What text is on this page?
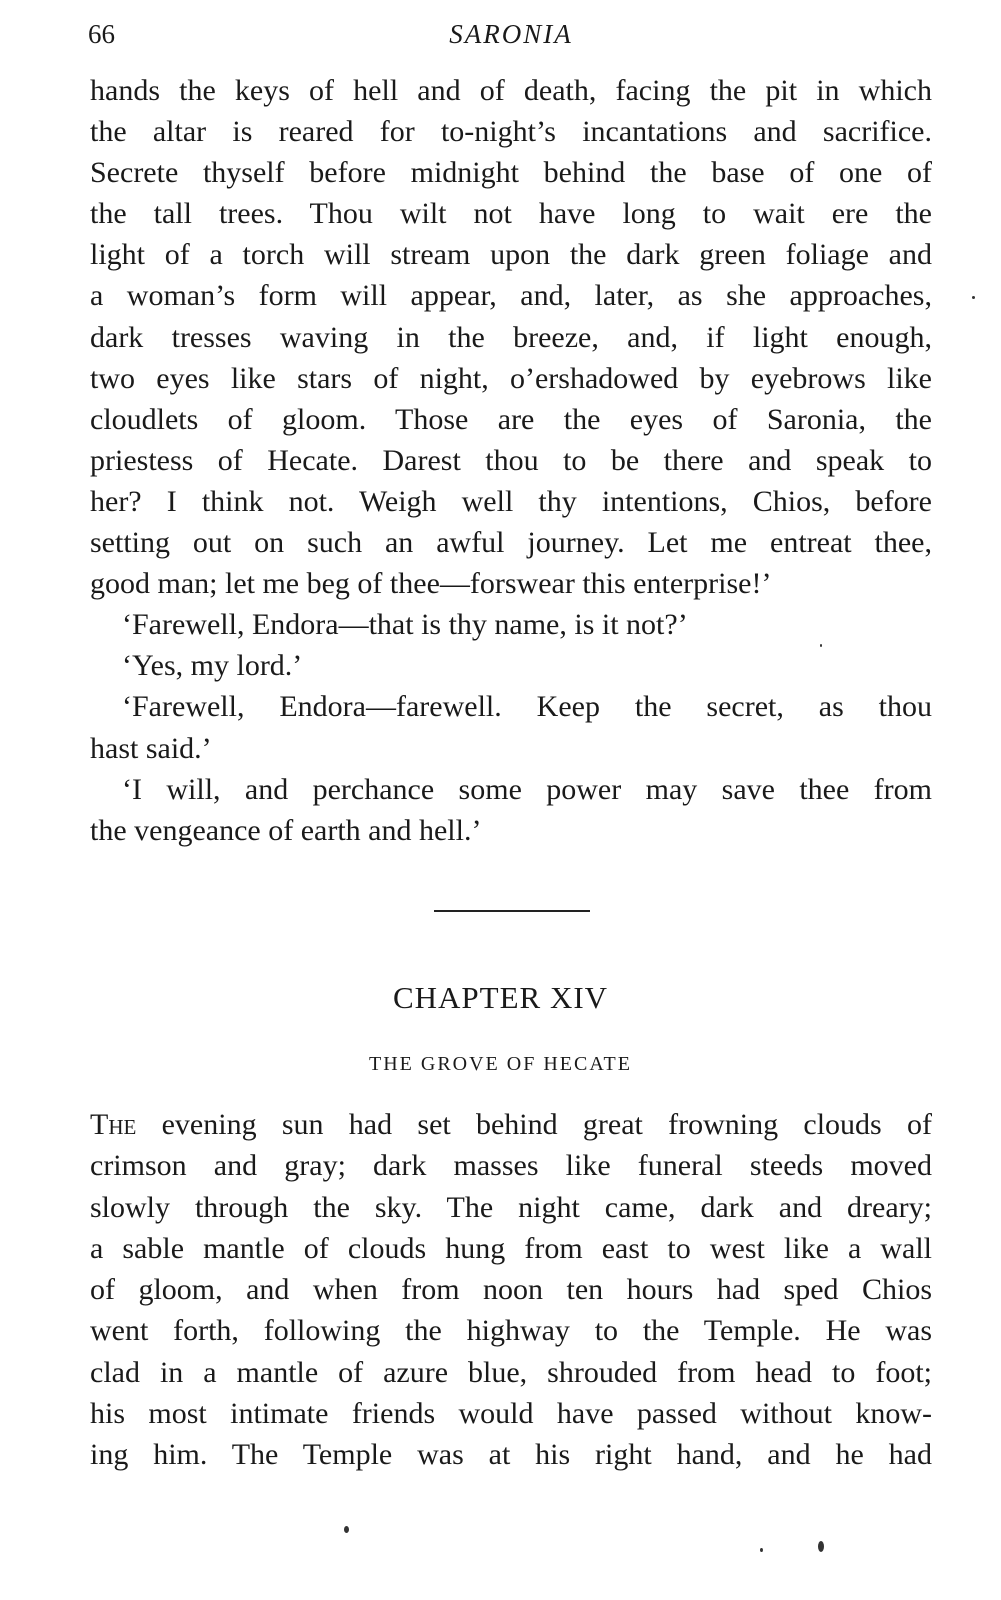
66	SARONIA
hands the keys of hell and of death, facing the pit in which
the altar is reared for to-night’s incantations and sacrifice.
Secrete thyself before midnight behind the base of one of
the tall trees. Thou wilt not have long to wait ere the
light of a torch will stream upon the dark green foliage and
a woman’s form will appear, and, later, as she approaches,
dark tresses waving in the breeze, and, if light enough,
two eyes like stars of night, o’ershadowed by eyebrows like
cloudlets of gloom. Those are the eyes of Saronia, the
priestess of Hecate. Darest thou to be there and speak to
her? I think not. Weigh well thy intentions, Chios, before
setting out on such an awful journey. Let me entreat thee,
good man; let me beg of thee—forswear this enterprise!’
‘Farewell, Endora—that is thy name, is it not?’
‘Yes, my lord.’
‘Farewell, Endora—farewell. Keep the secret, as thou
hast said.’
‘I will, and perchance some power may save thee from
the vengeance of earth and hell.’
CHAPTER XIV
THE GROVE OF HECATE
The evening sun had set behind great frowning clouds of
crimson and gray; dark masses like funeral steeds moved
slowly through the sky. The night came, dark and dreary;
a sable mantle of clouds hung from east to west like a wall
of gloom, and when from noon ten hours had sped Chios
went forth, following the highway to the Temple. He was
clad in a mantle of azure blue, shrouded from head to foot;
his most intimate friends would have passed without know-
ing him. The Temple was at his right hand, and he had
